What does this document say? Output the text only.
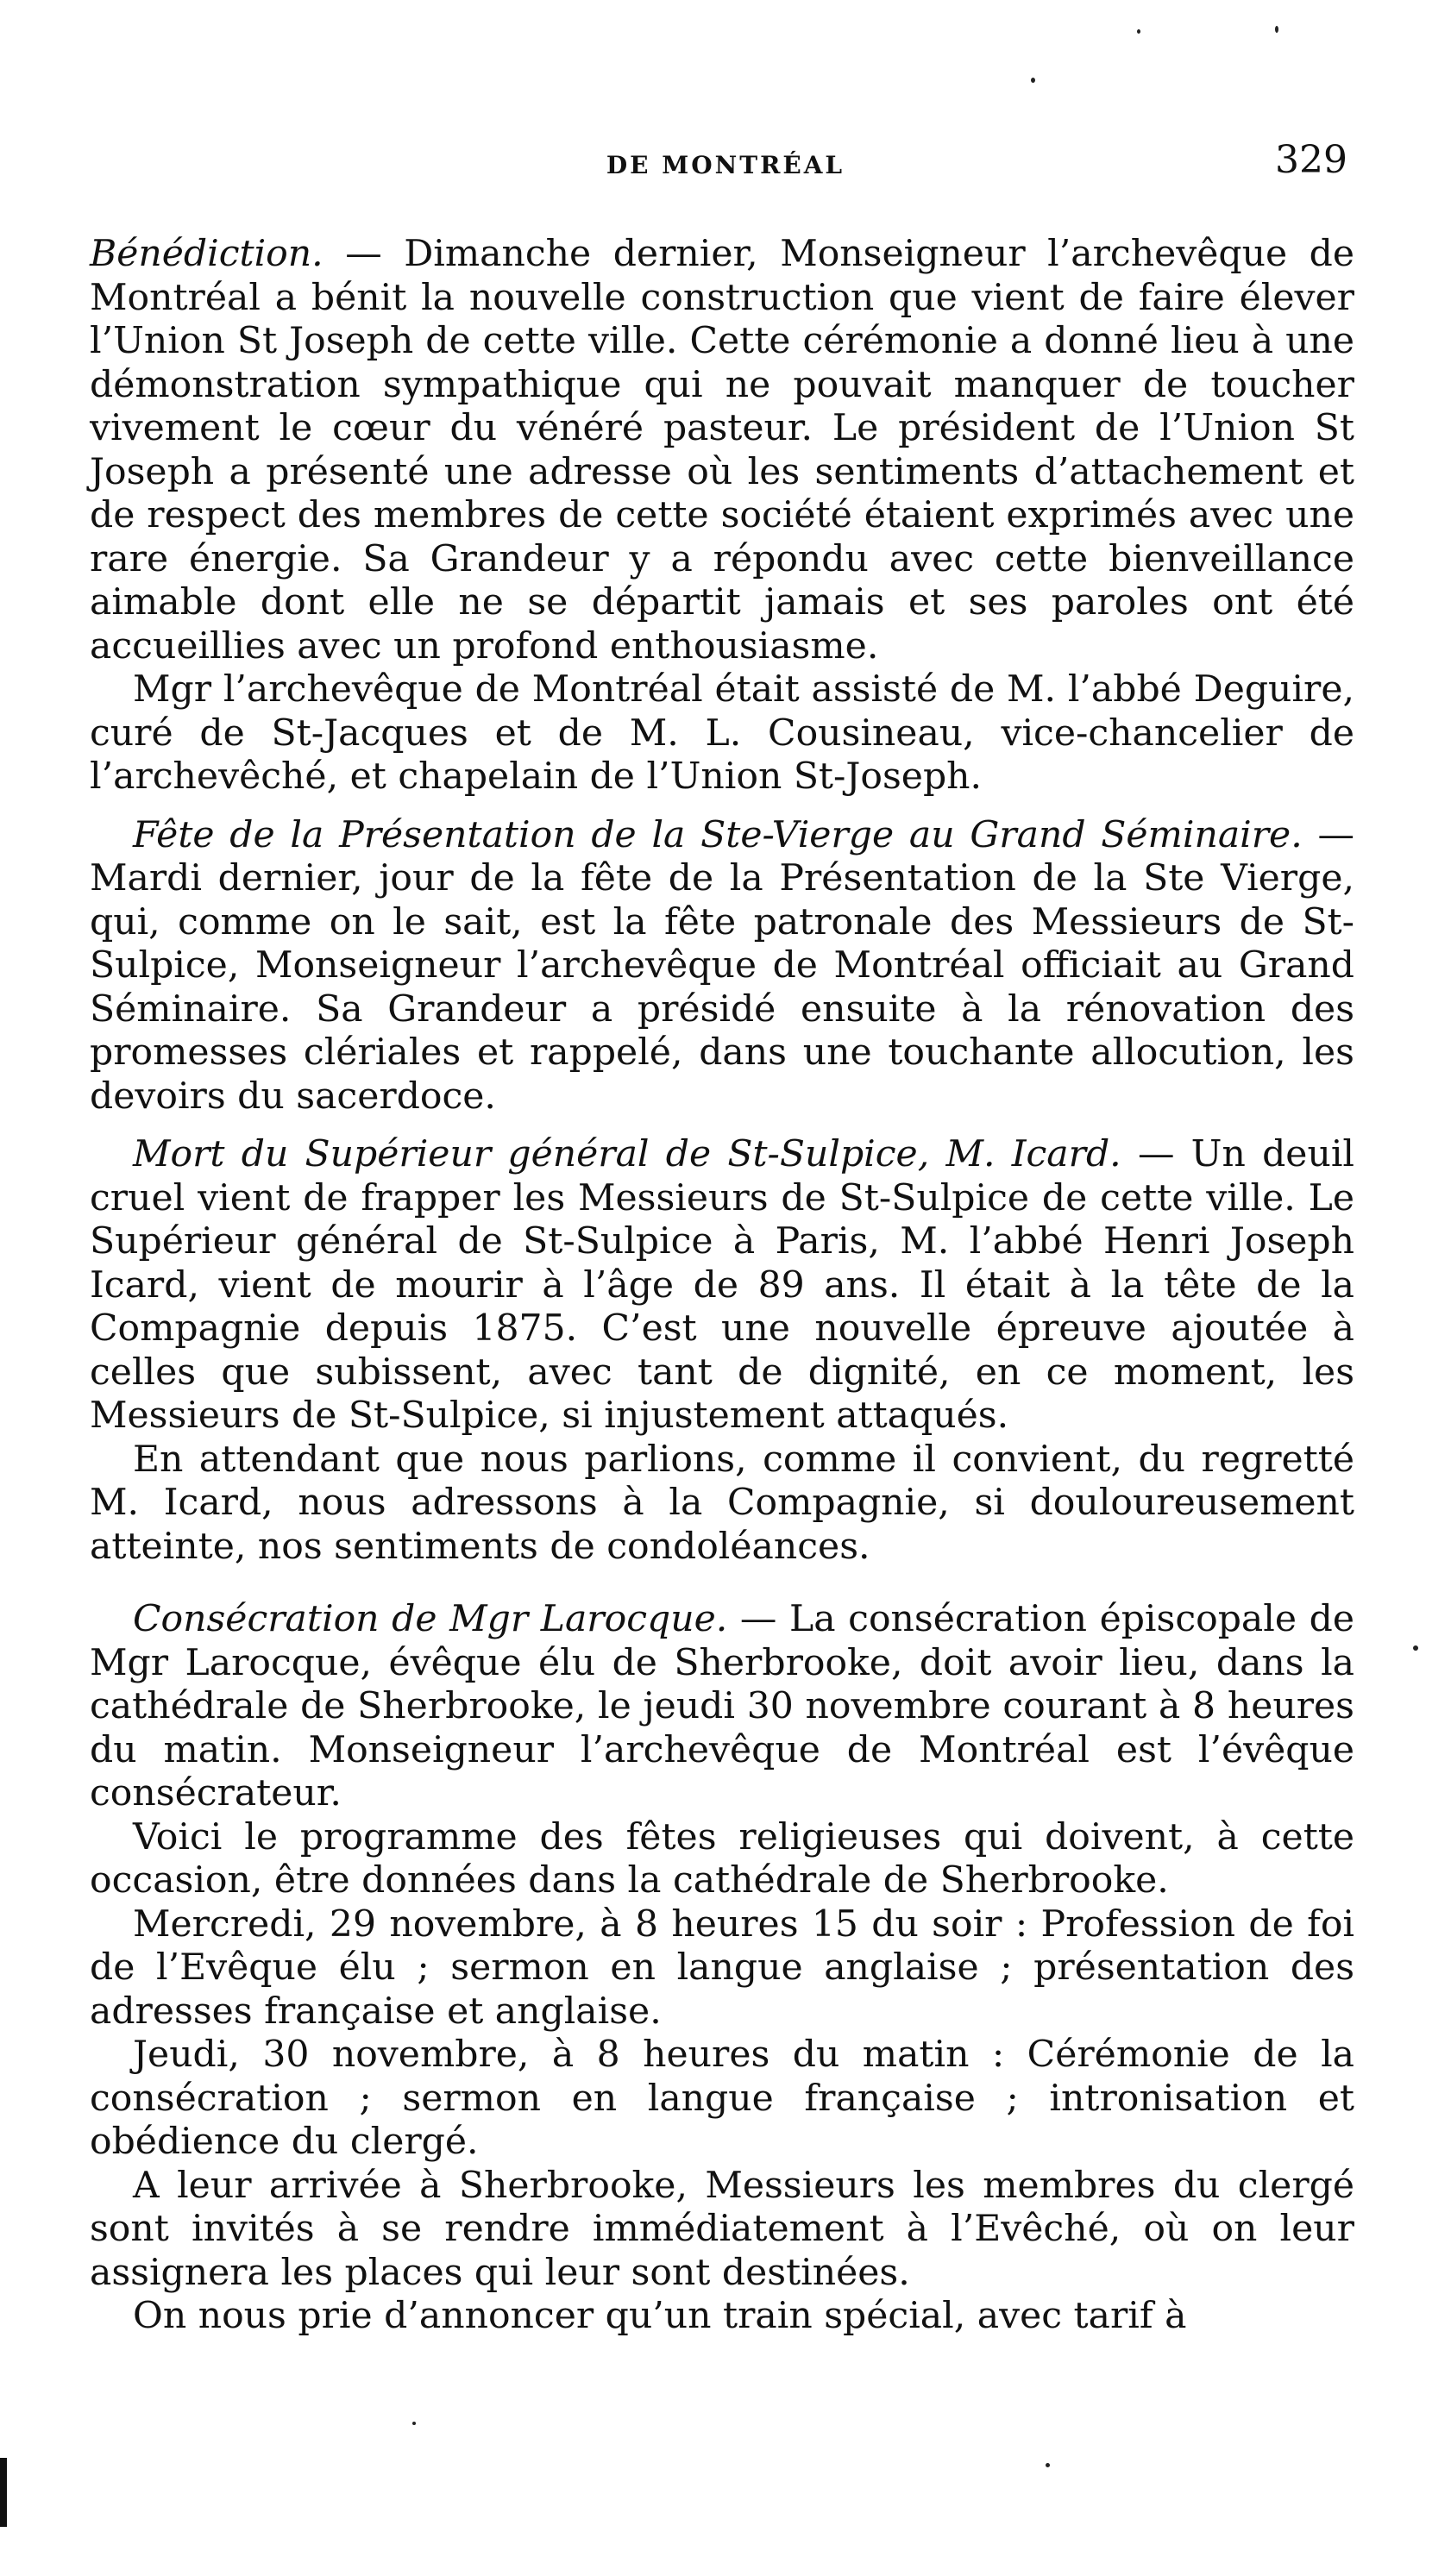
DE MONTRÉAL	329

Bénédiction. — Dimanche dernier, Monseigneur l’archevêque de Montréal a bénit la nouvelle construction que vient de faire élever l’Union St Joseph de cette ville. Cette cérémonie a donné lieu à une démonstration sympathique qui ne pouvait manquer de toucher vivement le cœur du vénéré pasteur. Le président de l’Union St Joseph a présenté une adresse où les sentiments d’attachement et de respect des membres de cette société étaient exprimés avec une rare énergie. Sa Grandeur y a répondu avec cette bienveillance aimable dont elle ne se départit jamais et ses paroles ont été accueillies avec un profond enthousiasme.

Mgr l’archevêque de Montréal était assisté de M. l’abbé Deguire, curé de St-Jacques et de M. L. Cousineau, vice-chancelier de l’archevêché, et chapelain de l’Union St-Joseph.

Fête de la Présentation de la Ste-Vierge au Grand Séminaire. — Mardi dernier, jour de la fête de la Présentation de la Ste Vierge, qui, comme on le sait, est la fête patronale des Messieurs de St-Sulpice, Monseigneur l’archevêque de Montréal officiait au Grand Séminaire. Sa Grandeur a présidé ensuite à la rénovation des promesses clériales et rappelé, dans une touchante allocution, les devoirs du sacerdoce.

Mort du Supérieur général de St-Sulpice, M. Icard. — Un deuil cruel vient de frapper les Messieurs de St-Sulpice de cette ville. Le Supérieur général de St-Sulpice à Paris, M. l’abbé Henri Joseph Icard, vient de mourir à l’âge de 89 ans. Il était à la tête de la Compagnie depuis 1875. C’est une nouvelle épreuve ajoutée à celles que subissent, avec tant de dignité, en ce moment, les Messieurs de St-Sulpice, si injustement attaqués.

En attendant que nous parlions, comme il convient, du regretté M. Icard, nous adressons à la Compagnie, si douloureusement atteinte, nos sentiments de condoléances.

Consécration de Mgr Larocque. — La consécration épiscopale de Mgr Larocque, évêque élu de Sherbrooke, doit avoir lieu, dans la cathédrale de Sherbrooke, le jeudi 30 novembre courant à 8 heures du matin. Monseigneur l’archevêque de Montréal est l’évêque consécrateur.

Voici le programme des fêtes religieuses qui doivent, à cette occasion, être données dans la cathédrale de Sherbrooke.

Mercredi, 29 novembre, à 8 heures 15 du soir : Profession de foi de l’Evêque élu ; sermon en langue anglaise ; présentation des adresses française et anglaise.

Jeudi, 30 novembre, à 8 heures du matin : Cérémonie de la consécration ; sermon en langue française ; intronisation et obédience du clergé.

A leur arrivée à Sherbrooke, Messieurs les membres du clergé sont invités à se rendre immédiatement à l’Evêché, où on leur assignera les places qui leur sont destinées.

On nous prie d’annoncer qu’un train spécial, avec tarif à
